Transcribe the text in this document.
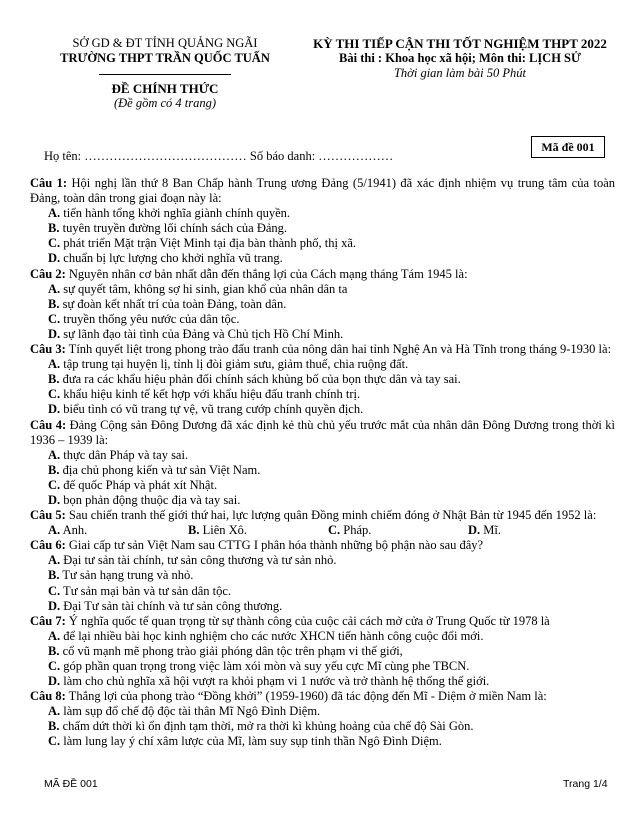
SỞ GD & ĐT TỈNH QUẢNG NGÃI
TRƯỜNG THPT TRẦN QUỐC TUẤN
ĐỀ CHÍNH THỨC
(Đề gồm có 4 trang)
KỲ THI TIẾP CẬN THI TỐT NGHIỆM THPT 2022
Bài thi : Khoa học xã hội; Môn thi: LỊCH SỬ
Thời gian làm bài 50 Phút
Mã đề 001
Họ tên: ………………………………… Số báo danh: ………………
Câu 1: Hội nghị lần thứ 8 Ban Chấp hành Trung ương Đảng (5/1941) đã xác định nhiệm vụ trung tâm của toàn Đảng, toàn dân trong giai đoạn này là:
A. tiến hành tổng khởi nghĩa giành chính quyền.
B. tuyên truyền đường lối chính sách của Đảng.
C. phát triển Mặt trận Việt Minh tại địa bàn thành phố, thị xã.
D. chuẩn bị lực lượng cho khởi nghĩa vũ trang.
Câu 2: Nguyên nhân cơ bản nhất dẫn đến thắng lợi của Cách mạng tháng Tám 1945 là:
A. sự quyết tâm, không sợ hi sinh, gian khổ của nhân dân ta
B. sự đoàn kết nhất trí của toàn Đảng, toàn dân.
C. truyền thống yêu nước của dân tộc.
D. sự lãnh đạo tài tình của Đảng và Chủ tịch Hồ Chí Minh.
Câu 3: Tính quyết liệt trong phong trào đấu tranh của nông dân hai tỉnh Nghệ An và Hà Tĩnh trong tháng 9-1930 là:
A. tập trung tại huyện lị, tỉnh lị đòi giảm sưu, giảm thuế, chia ruộng đất.
B. đưa ra các khẩu hiệu phản đối chính sách khủng bố của bọn thực dân và tay sai.
C. khẩu hiệu kinh tế kết hợp với khẩu hiệu đấu tranh chính trị.
D. biểu tình có vũ trang tự vệ, vũ trang cướp chính quyền địch.
Câu 4: Đảng Cộng sản Đông Dương đã xác định kẻ thù chủ yếu trước mắt của nhân dân Đông Dương trong thời kì 1936 – 1939 là:
A. thực dân Pháp và tay sai.
B. địa chủ phong kiến và tư sản Việt Nam.
C. đế quốc Pháp và phát xít Nhật.
D. bọn phản động thuộc địa và tay sai.
Câu 5: Sau chiến tranh thế giới thứ hai, lực lượng quân Đồng minh chiếm đóng ở Nhật Bản từ 1945 đến 1952 là:
A. Anh.	B. Liên Xô.	C. Pháp.	D. Mĩ.
Câu 6: Giai cấp tư sản Việt Nam sau CTTG I phân hóa thành những bộ phận nào sau đây?
A. Đại tư sản tài chính, tư sản công thương và tư sản nhỏ.
B. Tư sản hạng trung và nhỏ.
C. Tư sản mại bản và tư sản dân tộc.
D. Đại Tư sản tài chính và tư sản công thương.
Câu 7: Ý nghĩa quốc tế quan trọng từ sự thành công của cuộc cải cách mở cửa ở Trung Quốc từ 1978 là
A. để lại nhiều bài học kinh nghiệm cho các nước XHCN tiến hành công cuộc đổi mới.
B. cổ vũ mạnh mẽ phong trào giải phóng dân tộc trên phạm vi thế giới,
C. góp phần quan trọng trong việc làm xói mòn và suy yếu cực Mĩ cùng phe TBCN.
D. làm cho chủ nghĩa xã hội vượt ra khỏi phạm vi 1 nước và trở thành hệ thống thế giới.
Câu 8: Thắng lợi của phong trào “Đồng khởi” (1959-1960) đã tác động đến Mĩ - Diệm ở miền Nam là:
A. làm sụp đổ chế độ độc tài thân Mĩ Ngô Đình Diệm.
B. chấm dứt thời kì ổn định tạm thời, mở ra thời kì khủng hoảng của chế độ Sài Gòn.
C. làm lung lay ý chí xâm lược của Mĩ, làm suy sụp tinh thần Ngô Đình Diệm.
MÃ ĐỀ 001	Trang 1/4
